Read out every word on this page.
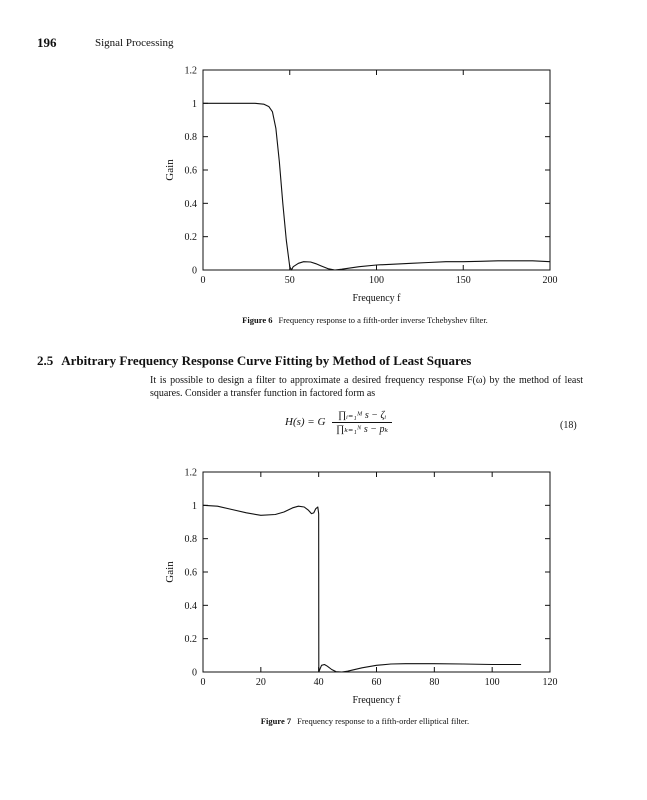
196	Signal Processing
0	50	100	150	200
0
0.2
0.4
0.6
0.8
1
1.2
Frequency f
Gain
Figure 6 Frequency response to a fifth-order inverse Tchebyshev filter.
2.5 Arbitrary Frequency Response Curve Fitting by Method of Least Squares
It is possible to design a filter to approximate a desired frequency response F(ω) by the method of least squares. Consider a transfer function in factored form as
H(s) = G $\frac{\text{∏ᵢ₌₁ᴹ s − ζᵢ}}{\text{∏ₖ₌₁ᴺ s − pₖ}}$	(18)
0	20	40	60	80	100	120
0
0.2
0.4
0.6
0.8
1
1.2
Frequency f
Gain
Figure 7 Frequency response to a fifth-order elliptical filter.
